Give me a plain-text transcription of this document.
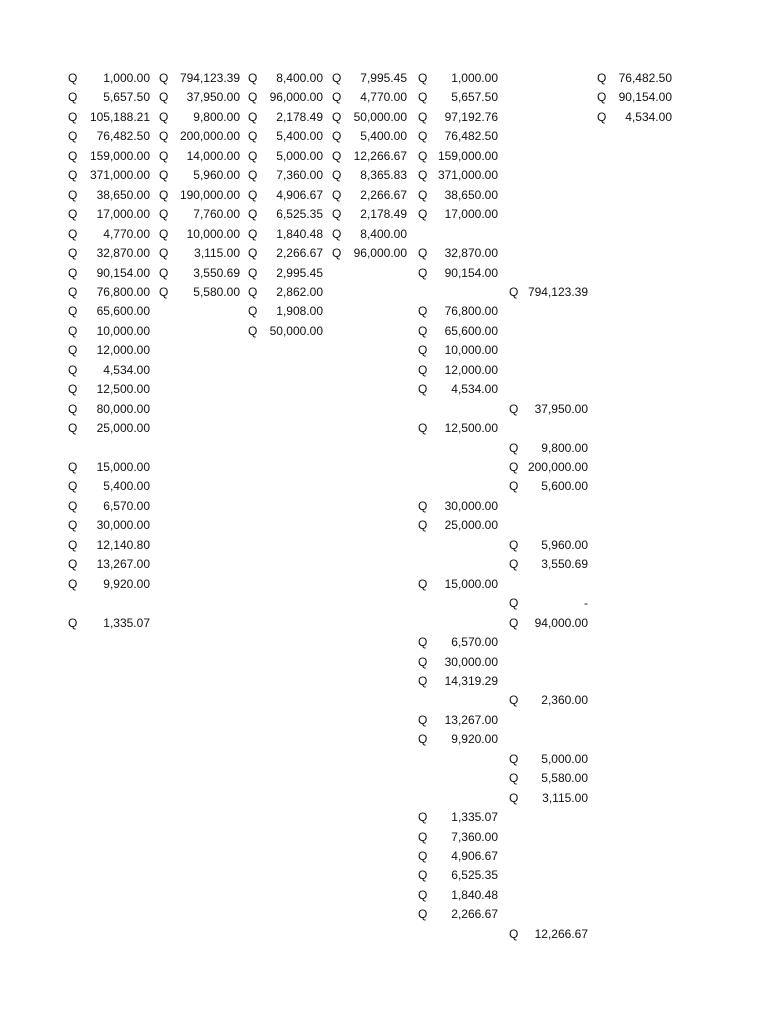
Q 1,000.00
Q 5,657.50
Q 105,188.21
Q 76,482.50
Q 159,000.00
Q 371,000.00
Q 38,650.00
Q 17,000.00
Q 4,770.00
Q 32,870.00
Q 90,154.00
Q 76,800.00
Q 65,600.00
Q 10,000.00
Q 12,000.00
Q 4,534.00
Q 12,500.00
Q 80,000.00
Q 25,000.00
Q 15,000.00
Q 5,400.00
Q 6,570.00
Q 30,000.00
Q 12,140.80
Q 13,267.00
Q 9,920.00
Q 1,335.07
Q 794,123.39
Q 37,950.00
Q 9,800.00
Q 200,000.00
Q 14,000.00
Q 5,960.00
Q 190,000.00
Q 7,760.00
Q 10,000.00
Q 3,115.00
Q 3,550.69
Q 5,580.00
Q 8,400.00
Q 96,000.00
Q 2,178.49
Q 5,400.00
Q 5,000.00
Q 7,360.00
Q 4,906.67
Q 6,525.35
Q 1,840.48
Q 2,266.67
Q 2,995.45
Q 2,862.00
Q 1,908.00
Q 50,000.00
Q 7,995.45
Q 4,770.00
Q 50,000.00
Q 5,400.00
Q 12,266.67
Q 8,365.83
Q 2,266.67
Q 2,178.49
Q 8,400.00
Q 96,000.00
Q 1,000.00
Q 5,657.50
Q 97,192.76
Q 76,482.50
Q 159,000.00
Q 371,000.00
Q 38,650.00
Q 17,000.00
Q 32,870.00
Q 90,154.00
Q 76,800.00
Q 65,600.00
Q 10,000.00
Q 12,000.00
Q 4,534.00
Q 12,500.00
Q 30,000.00
Q 25,000.00
Q 15,000.00
Q 6,570.00
Q 30,000.00
Q 14,319.29
Q 13,267.00
Q 9,920.00
Q 1,335.07
Q 7,360.00
Q 4,906.67
Q 6,525.35
Q 1,840.48
Q 2,266.67
Q 794,123.39
Q 37,950.00
Q 9,800.00
Q 200,000.00
Q 5,600.00
Q 5,960.00
Q 3,550.69
Q	-
Q 94,000.00
Q 2,360.00
Q 5,000.00
Q 5,580.00
Q 3,115.00
Q 12,266.67
Q 76,482.50
Q 90,154.00
Q 4,534.00
